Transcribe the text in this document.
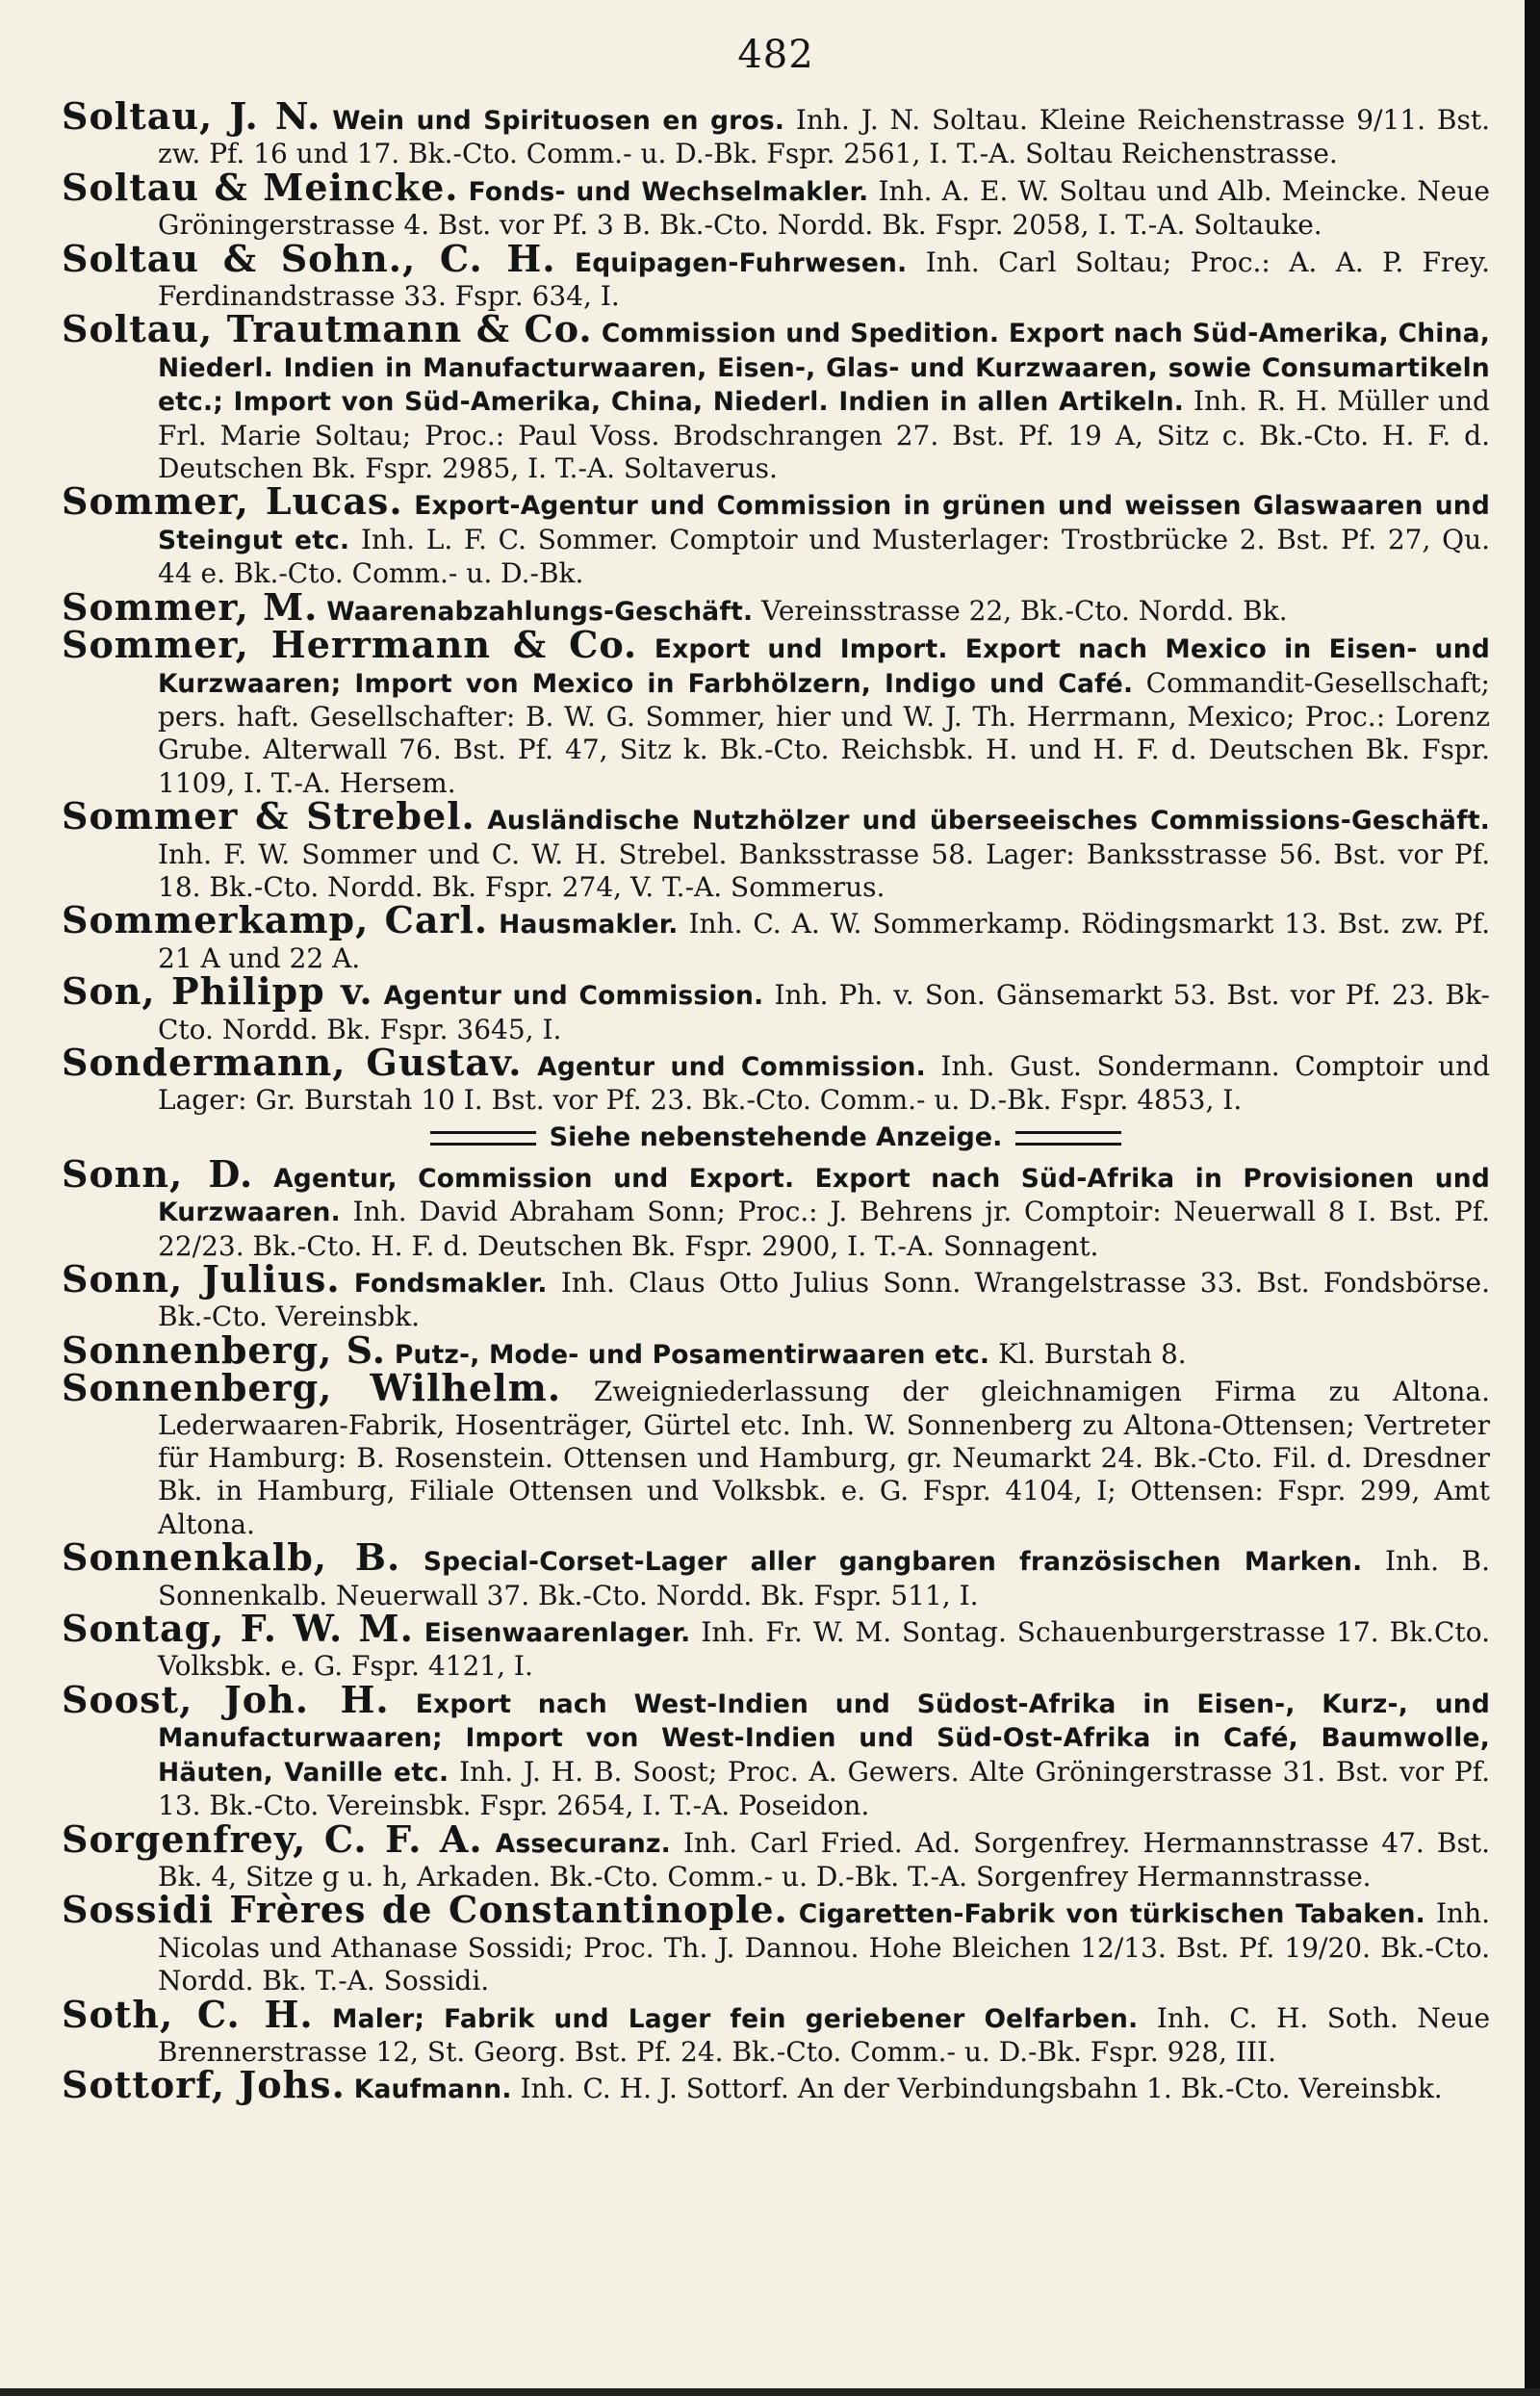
482

Soltau, J. N. Wein und Spirituosen en gros. Inh. J. N. Soltau. Kleine Reichenstrasse 9/11. Bst. zw. Pf. 16 und 17. Bk.-Cto. Comm.- u. D.-Bk. Fspr. 2561, I. T.-A. Soltau Reichenstrasse.

Soltau & Meincke. Fonds- und Wechselmakler. Inh. A. E. W. Soltau und Alb. Meincke. Neue Gröningerstrasse 4. Bst. vor Pf. 3 B. Bk.-Cto. Nordd. Bk. Fspr. 2058, I. T.-A. Soltauke.

Soltau & Sohn., C. H. Equipagen-Fuhrwesen. Inh. Carl Soltau; Proc.: A. A. P. Frey. Ferdinandstrasse 33. Fspr. 634, I.

Soltau, Trautmann & Co. Commission und Spedition. Export nach Süd-Amerika, China, Niederl. Indien in Manufacturwaaren, Eisen-, Glas- und Kurzwaaren, sowie Consumartikeln etc.; Import von Süd-Amerika, China, Niederl. Indien in allen Artikeln. Inh. R. H. Müller und Frl. Marie Soltau; Proc.: Paul Voss. Brodschrangen 27. Bst. Pf. 19 A, Sitz c. Bk.-Cto. H. F. d. Deutschen Bk. Fspr. 2985, I. T.-A. Soltaverus.

Sommer, Lucas. Export-Agentur und Commission in grünen und weissen Glaswaaren und Steingut etc. Inh. L. F. C. Sommer. Comptoir und Musterlager: Trostbrücke 2. Bst. Pf. 27, Qu. 44 e. Bk.-Cto. Comm.- u. D.-Bk.

Sommer, M. Waarenabzahlungs-Geschäft. Vereinsstrasse 22, Bk.-Cto. Nordd. Bk.

Sommer, Herrmann & Co. Export und Import. Export nach Mexico in Eisen- und Kurzwaaren; Import von Mexico in Farbhölzern, Indigo und Café. Commandit-Gesellschaft; pers. haft. Gesellschafter: B. W. G. Sommer, hier und W. J. Th. Herrmann, Mexico; Proc.: Lorenz Grube. Alterwall 76. Bst. Pf. 47, Sitz k. Bk.-Cto. Reichsbk. H. und H. F. d. Deutschen Bk. Fspr. 1109, I. T.-A. Hersem.

Sommer & Strebel. Ausländische Nutzhölzer und überseeisches Commissions-Geschäft. Inh. F. W. Sommer und C. W. H. Strebel. Banksstrasse 58. Lager: Banksstrasse 56. Bst. vor Pf. 18. Bk.-Cto. Nordd. Bk. Fspr. 274, V. T.-A. Sommerus.

Sommerkamp, Carl. Hausmakler. Inh. C. A. W. Sommerkamp. Rödingsmarkt 13. Bst. zw. Pf. 21 A und 22 A.

Son, Philipp v. Agentur und Commission. Inh. Ph. v. Son. Gänsemarkt 53. Bst. vor Pf. 23. Bk-Cto. Nordd. Bk. Fspr. 3645, I.

Sondermann, Gustav. Agentur und Commission. Inh. Gust. Sondermann. Comptoir und Lager: Gr. Burstah 10 I. Bst. vor Pf. 23. Bk.-Cto. Comm.- u. D.-Bk. Fspr. 4853, I.

Siehe nebenstehende Anzeige.

Sonn, D. Agentur, Commission und Export. Export nach Süd-Afrika in Provisionen und Kurzwaaren. Inh. David Abraham Sonn; Proc.: J. Behrens jr. Comptoir: Neuerwall 8 I. Bst. Pf. 22/23. Bk.-Cto. H. F. d. Deutschen Bk. Fspr. 2900, I. T.-A. Sonnagent.

Sonn, Julius. Fondsmakler. Inh. Claus Otto Julius Sonn. Wrangelstrasse 33. Bst. Fondsbörse. Bk.-Cto. Vereinsbk.

Sonnenberg, S. Putz-, Mode- und Posamentirwaaren etc. Kl. Burstah 8.

Sonnenberg, Wilhelm. Zweigniederlassung der gleichnamigen Firma zu Altona. Lederwaaren-Fabrik, Hosenträger, Gürtel etc. Inh. W. Sonnenberg zu Altona-Ottensen; Vertreter für Hamburg: B. Rosenstein. Ottensen und Hamburg, gr. Neumarkt 24. Bk.-Cto. Fil. d. Dresdner Bk. in Hamburg, Filiale Ottensen und Volksbk. e. G. Fspr. 4104, I; Ottensen: Fspr. 299, Amt Altona.

Sonnenkalb, B. Special-Corset-Lager aller gangbaren französischen Marken. Inh. B. Sonnenkalb. Neuerwall 37. Bk.-Cto. Nordd. Bk. Fspr. 511, I.

Sontag, F. W. M. Eisenwaarenlager. Inh. Fr. W. M. Sontag. Schauenburgerstrasse 17. Bk.Cto. Volksbk. e. G. Fspr. 4121, I.

Soost, Joh. H. Export nach West-Indien und Südost-Afrika in Eisen-, Kurz-, und Manufacturwaaren; Import von West-Indien und Süd-Ost-Afrika in Café, Baumwolle, Häuten, Vanille etc. Inh. J. H. B. Soost; Proc. A. Gewers. Alte Gröningerstrasse 31. Bst. vor Pf. 13. Bk.-Cto. Vereinsbk. Fspr. 2654, I. T.-A. Poseidon.

Sorgenfrey, C. F. A. Assecuranz. Inh. Carl Fried. Ad. Sorgenfrey. Hermannstrasse 47. Bst. Bk. 4, Sitze g u. h, Arkaden. Bk.-Cto. Comm.- u. D.-Bk. T.-A. Sorgenfrey Hermannstrasse.

Sossidi Frères de Constantinople. Cigaretten-Fabrik von türkischen Tabaken. Inh. Nicolas und Athanase Sossidi; Proc. Th. J. Dannou. Hohe Bleichen 12/13. Bst. Pf. 19/20. Bk.-Cto. Nordd. Bk. T.-A. Sossidi.

Soth, C. H. Maler; Fabrik und Lager fein geriebener Oelfarben. Inh. C. H. Soth. Neue Brennerstrasse 12, St. Georg. Bst. Pf. 24. Bk.-Cto. Comm.- u. D.-Bk. Fspr. 928, III.

Sottorf, Johs. Kaufmann. Inh. C. H. J. Sottorf. An der Verbindungsbahn 1. Bk.-Cto. Vereinsbk.
